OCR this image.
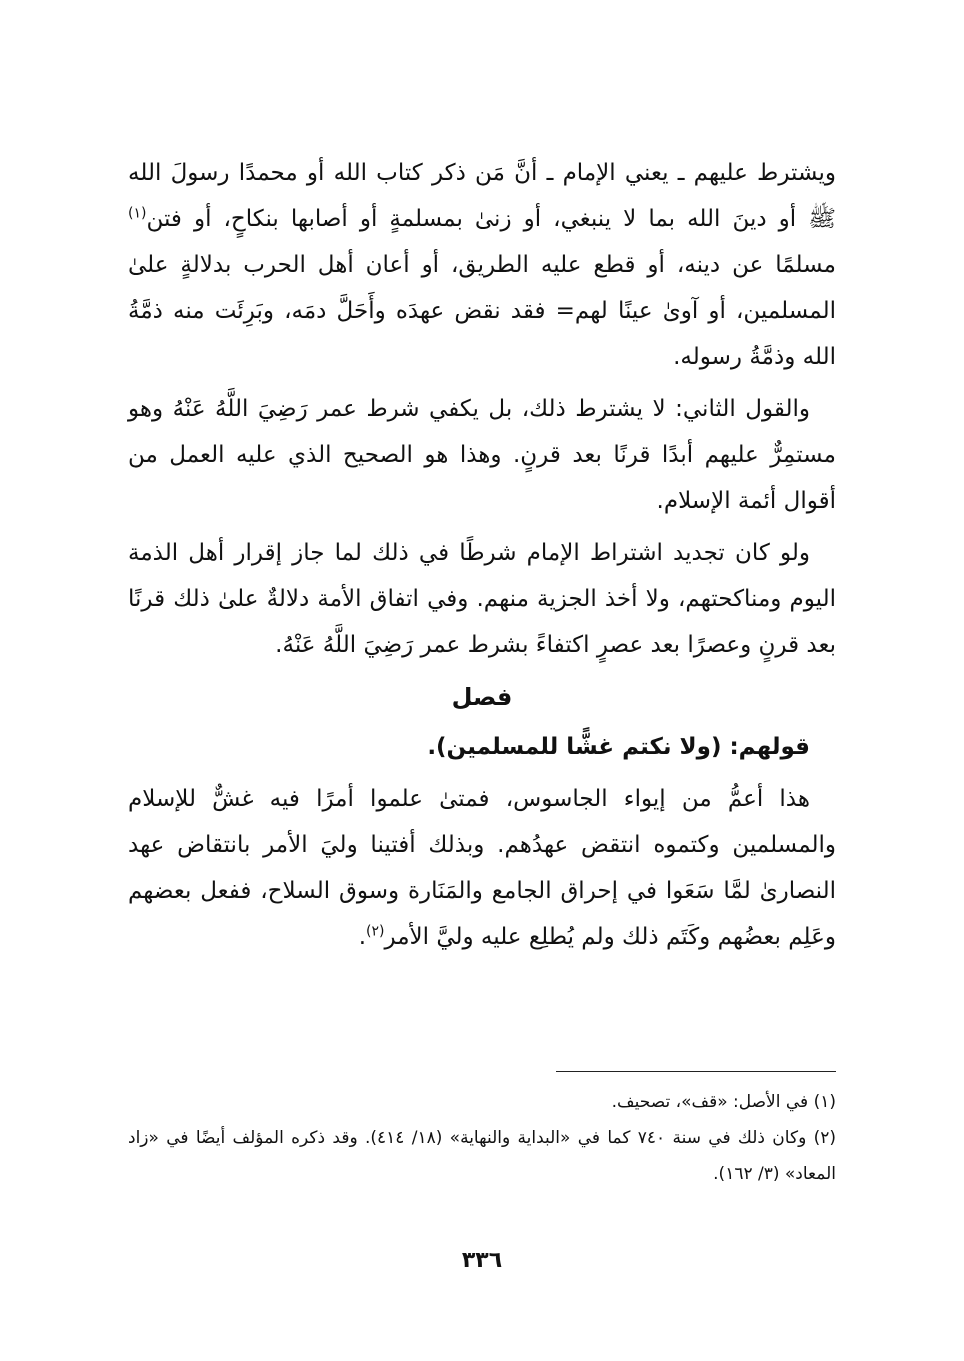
ويشترط عليهم ـ يعني الإمام ـ أنَّ مَن ذكر كتاب الله أو محمدًا رسولَ الله ﷺ أو دينَ الله بما لا ينبغي، أو زنىٰ بمسلمةٍ أو أصابها بنكاحٍ، أو فتن$^{(١)}$ مسلمًا عن دينه، أو قطع عليه الطريق، أو أعان أهل الحرب بدلالةٍ علىٰ المسلمين، أو آوىٰ عينًا لهم= فقد نقض عهدَه وأَحَلَّ دمَه، وبَرِئَت منه ذمَّةُ الله وذمَّةُ رسوله.

والقول الثاني: لا يشترط ذلك، بل يكفي شرط عمر رَضِيَ اللَّهُ عَنْهُ وهو مستمِرٌّ عليهم أبدًا قرنًا بعد قرنٍ. وهذا هو الصحيح الذي عليه العمل من أقوال أئمة الإسلام.

ولو كان تجديد اشتراط الإمام شرطًا في ذلك لما جاز إقرار أهل الذمة اليوم ومناكحتهم، ولا أخذ الجزية منهم. وفي اتفاق الأمة دلالةٌ علىٰ ذلك قرنًا بعد قرنٍ وعصرًا بعد عصرٍ اكتفاءً بشرط عمر رَضِيَ اللَّهُ عَنْهُ.

فصل
قولهم: (ولا نكتم غشًّا للمسلمين).

هذا أعمُّ من إيواء الجاسوس، فمتىٰ علموا أمرًا فيه غشٌّ للإسلام والمسلمين وكتموه انتقض عهدُهم. وبذلك أفتينا وليَ الأمر بانتقاض عهد النصارىٰ لمَّا سَعَوا في إحراق الجامع والمَنَارة وسوق السلاح، ففعل بعضهم وعَلِم بعضُهم وكَتَم ذلك ولم يُطلِع عليه وليَّ الأمر$^{(٢)}$.

(١) في الأصل: «قف»، تصحيف.

(٢) وكان ذلك في سنة ٧٤٠ كما في «البداية والنهاية» (١٨/ ٤١٤). وقد ذكره المؤلف أيضًا في «زاد المعاد» (٣/ ١٦٢).

٣٣٦
